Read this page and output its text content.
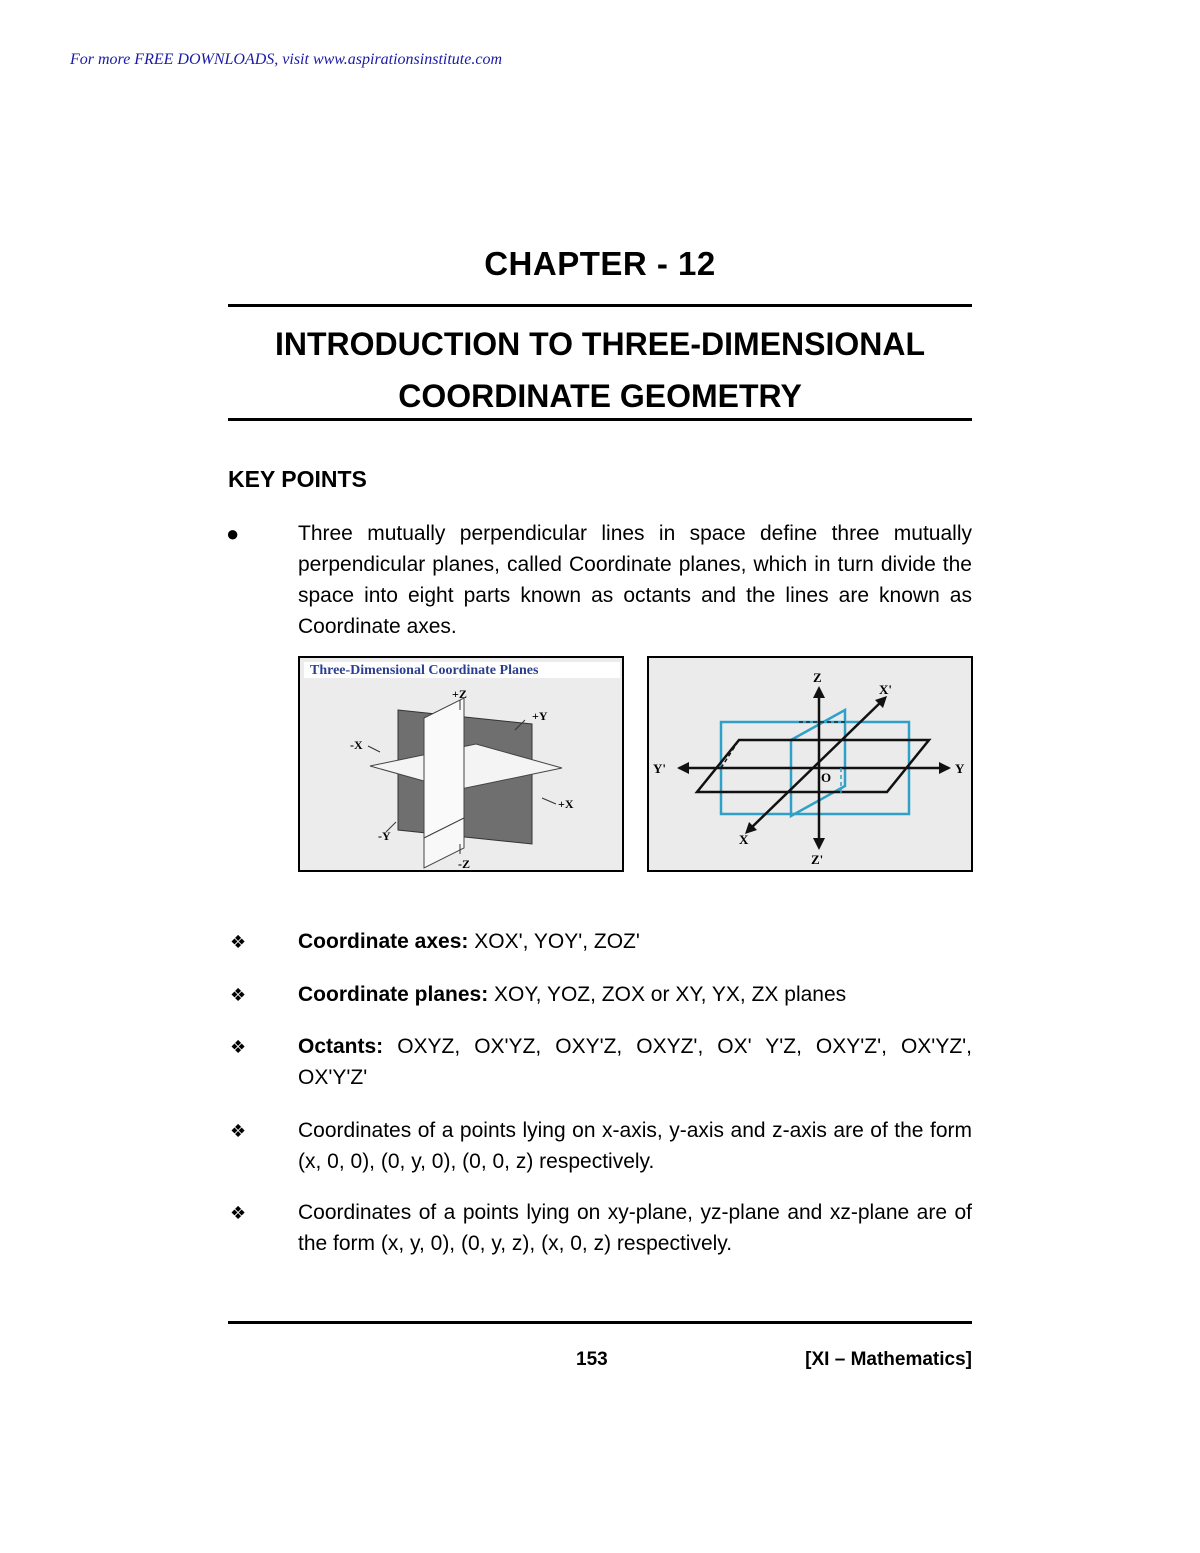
For more FREE DOWNLOADS, visit www.aspirationsinstitute.com
CHAPTER - 12
INTRODUCTION TO THREE-DIMENSIONAL
COORDINATE GEOMETRY
KEY POINTS
●	Three mutually perpendicular lines in space define three mutually perpendicular planes, called Coordinate planes, which in turn divide the space into eight parts known as octants and the lines are known as Coordinate axes.
Three-Dimensional Coordinate Planes
+Z
+Y
-X
+X
-Y
-Z
Z
X'
Y'	Y
O
X
Z'
❖ Coordinate axes: XOX', YOY', ZOZ'
❖ Coordinate planes: XOY, YOZ, ZOX or XY, YX, ZX planes
❖ Octants: OXYZ, OX'YZ, OXY'Z, OXYZ', OX' Y'Z, OXY'Z', OX'YZ', OX'Y'Z'
❖ Coordinates of a points lying on x-axis, y-axis and z-axis are of the form (x, 0, 0), (0, y, 0), (0, 0, z) respectively.
❖ Coordinates of a points lying on xy-plane, yz-plane and xz-plane are of the form (x, y, 0), (0, y, z), (x, 0, z) respectively.
153	[XI – Mathematics]
